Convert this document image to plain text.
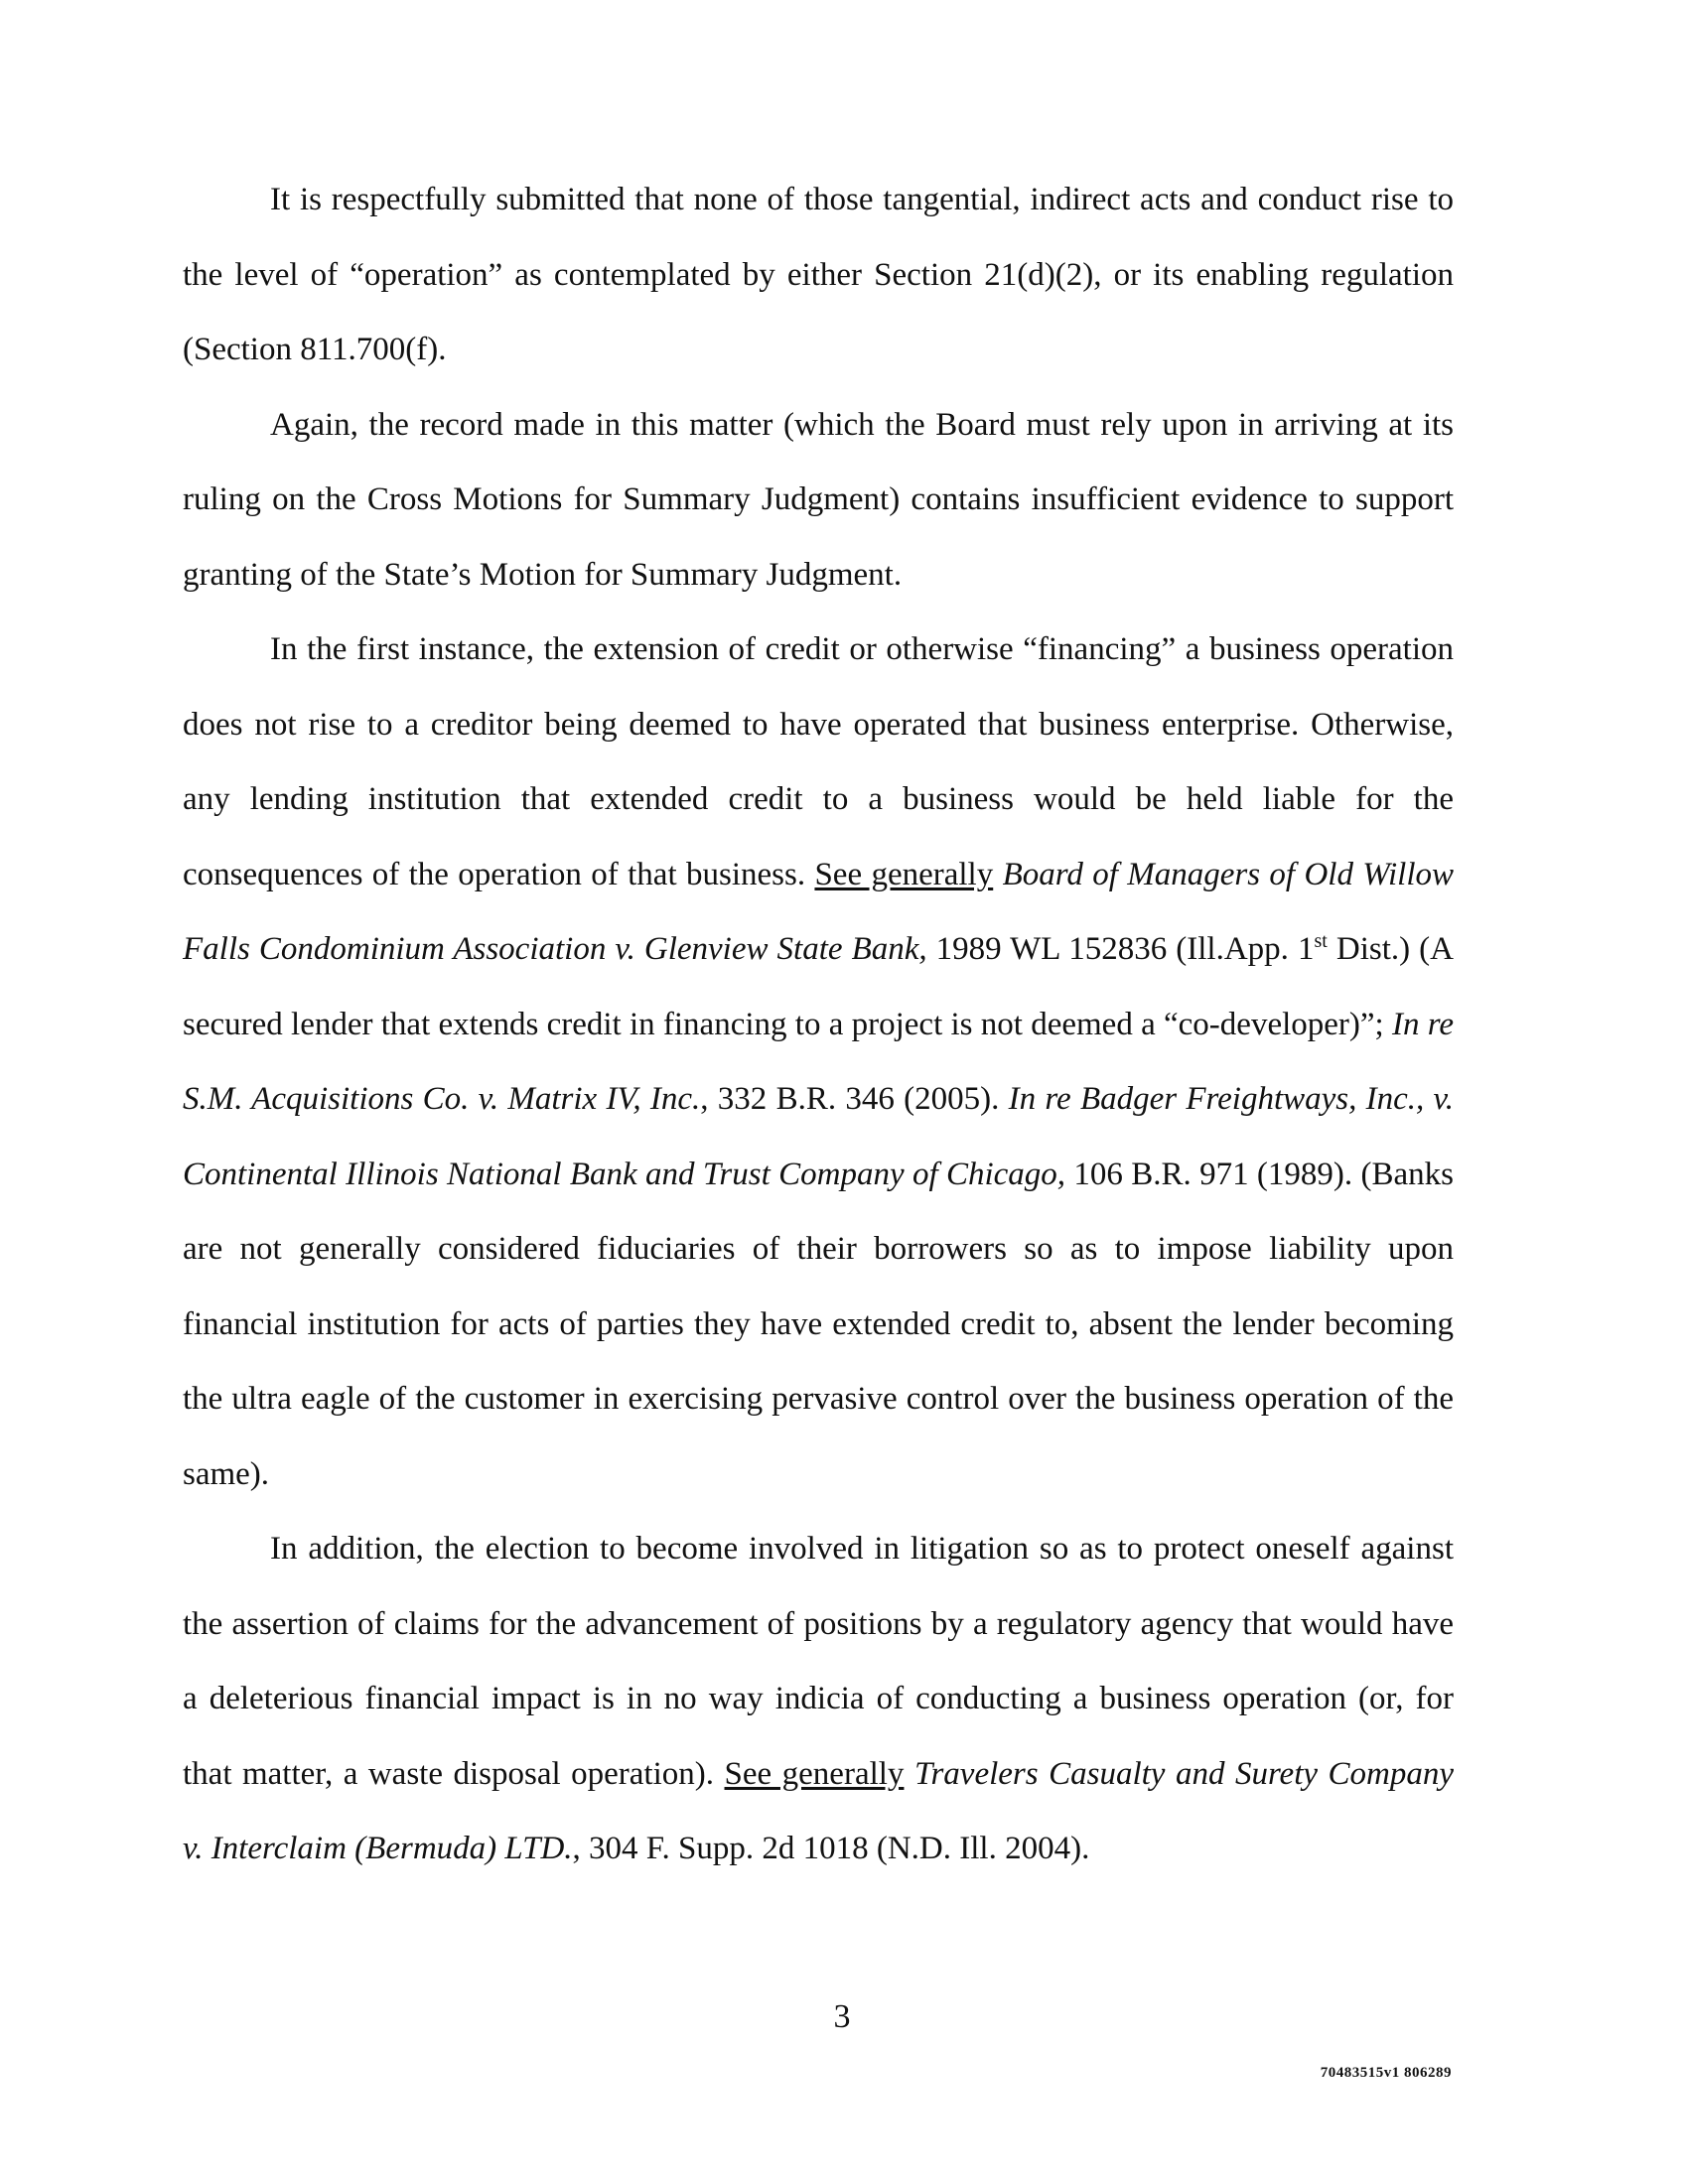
It is respectfully submitted that none of those tangential, indirect acts and conduct rise to the level of “operation” as contemplated by either Section 21(d)(2), or its enabling regulation (Section 811.700(f).

Again, the record made in this matter (which the Board must rely upon in arriving at its ruling on the Cross Motions for Summary Judgment) contains insufficient evidence to support granting of the State’s Motion for Summary Judgment.

In the first instance, the extension of credit or otherwise “financing” a business operation does not rise to a creditor being deemed to have operated that business enterprise. Otherwise, any lending institution that extended credit to a business would be held liable for the consequences of the operation of that business. See generally Board of Managers of Old Willow Falls Condominium Association v. Glenview State Bank, 1989 WL 152836 (Ill.App. 1st Dist.) (A secured lender that extends credit in financing to a project is not deemed a “co-developer)”; In re S.M. Acquisitions Co. v. Matrix IV, Inc., 332 B.R. 346 (2005). In re Badger Freightways, Inc., v. Continental Illinois National Bank and Trust Company of Chicago, 106 B.R. 971 (1989). (Banks are not generally considered fiduciaries of their borrowers so as to impose liability upon financial institution for acts of parties they have extended credit to, absent the lender becoming the ultra eagle of the customer in exercising pervasive control over the business operation of the same).

In addition, the election to become involved in litigation so as to protect oneself against the assertion of claims for the advancement of positions by a regulatory agency that would have a deleterious financial impact is in no way indicia of conducting a business operation (or, for that matter, a waste disposal operation). See generally Travelers Casualty and Surety Company v. Interclaim (Bermuda) LTD., 304 F. Supp. 2d 1018 (N.D. Ill. 2004).

3
70483515v1 806289
